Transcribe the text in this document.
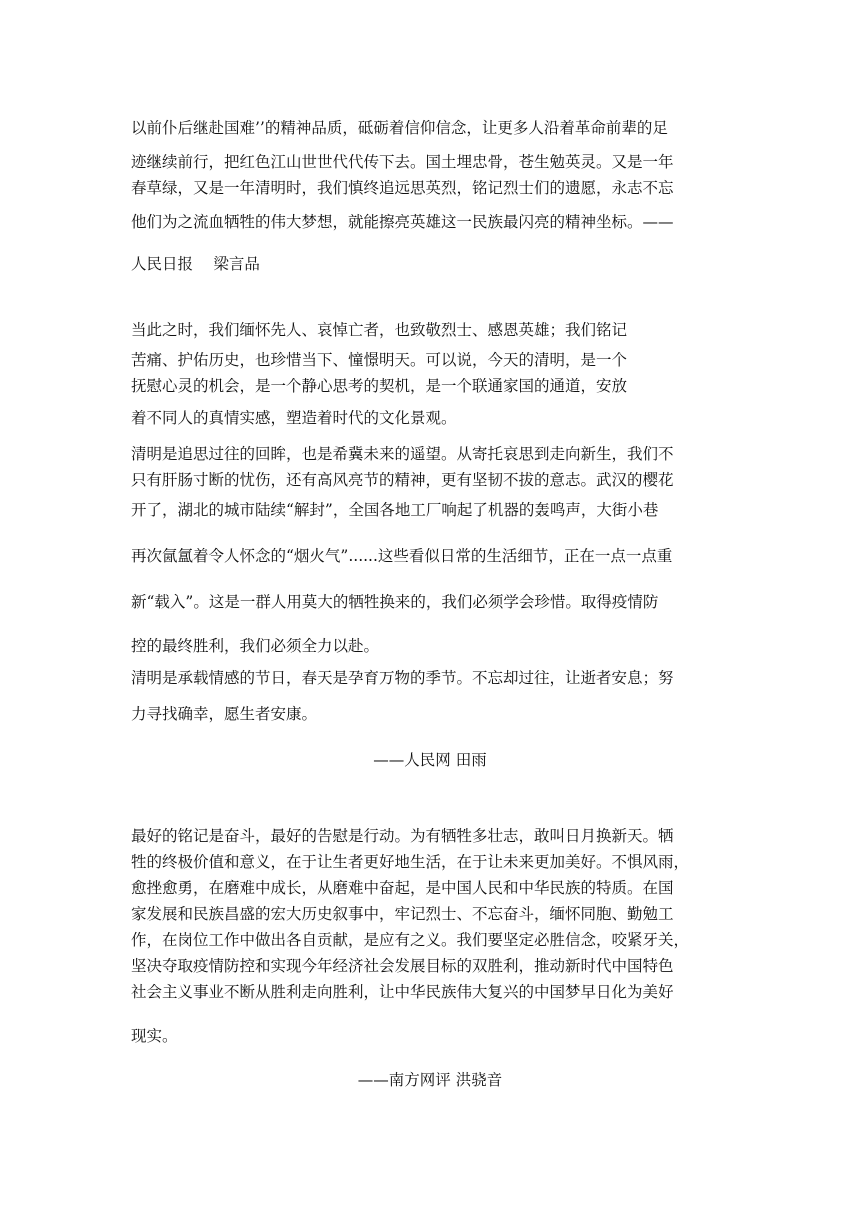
以前仆后继赴国难’’的精神品质，砥砺着信仰信念，让更多人沿着革命前辈的足
迹继续前行，把红色江山世世代代传下去。国土埋忠骨，苍生勉英灵。又是一年
春草绿，又是一年清明时，我们慎终追远思英烈，铭记烈士们的遗愿，永志不忘
他们为之流血牺牲的伟大梦想，就能擦亮英雄这一民族最闪亮的精神坐标。——
人民日报　 梁言品
当此之时，我们缅怀先人、哀悼亡者，也致敬烈士、感恩英雄；我们铭记
苦痛、护佑历史，也珍惜当下、憧憬明天。可以说，今天的清明，是一个
抚慰心灵的机会，是一个静心思考的契机，是一个联通家国的通道，安放
着不同人的真情实感，塑造着时代的文化景观。
清明是追思过往的回眸，也是希冀未来的遥望。从寄托哀思到走向新生，我们不
只有肝肠寸断的忧伤，还有高风亮节的精神，更有坚韧不拔的意志。武汉的樱花
开了，湖北的城市陆续“解封”，全国各地工厂响起了机器的轰鸣声，大街小巷
再次氤氲着令人怀念的“烟火气”......这些看似日常的生活细节，正在一点一点重
新“载入”。这是一群人用莫大的牺牲换来的，我们必须学会珍惜。取得疫情防
控的最终胜利，我们必须全力以赴。
清明是承载情感的节日，春天是孕育万物的季节。不忘却过往，让逝者安息；努
力寻找确幸，愿生者安康。
——人民网 田雨
最好的铭记是奋斗，最好的告慰是行动。为有牺牲多壮志，敢叫日月换新天。牺
牲的终极价值和意义，在于让生者更好地生活，在于让未来更加美好。不惧风雨，
愈挫愈勇，在磨难中成长，从磨难中奋起，是中国人民和中华民族的特质。在国
家发展和民族昌盛的宏大历史叙事中，牢记烈士、不忘奋斗，缅怀同胞、勤勉工
作，在岗位工作中做出各自贡献，是应有之义。我们要坚定必胜信念，咬紧牙关，
坚决夺取疫情防控和实现今年经济社会发展目标的双胜利，推动新时代中国特色
社会主义事业不断从胜利走向胜利，让中华民族伟大复兴的中国梦早日化为美好
现实。
——南方网评 洪骁音
